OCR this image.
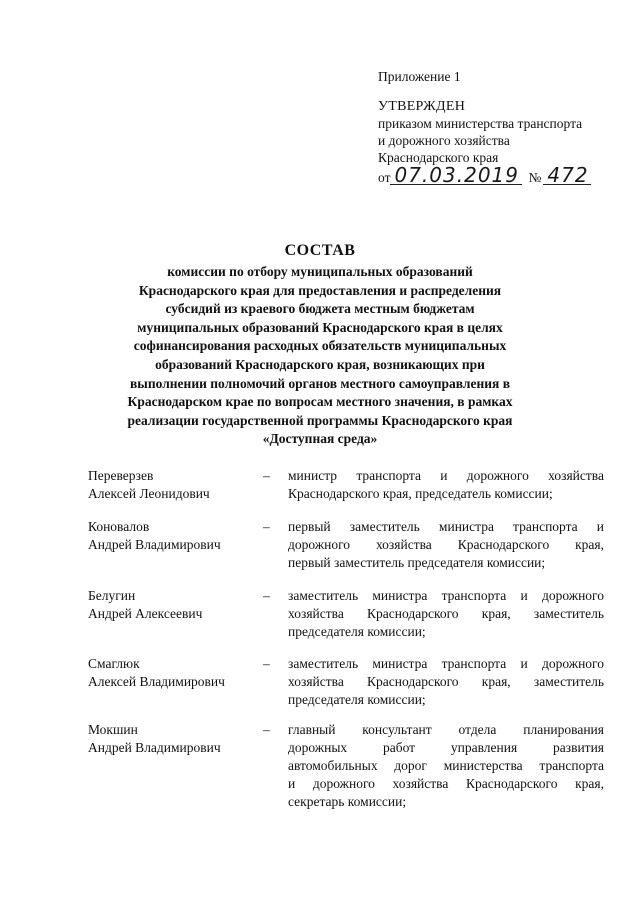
Приложение 1
УТВЕРЖДЕН
приказом министерства транспорта
и дорожного хозяйства
Краснодарского края
от 07.03.2019 № 472
СОСТАВ
комиссии по отбору муниципальных образований
Краснодарского края для предоставления и распределения
субсидий из краевого бюджета местным бюджетам
муниципальных образований Краснодарского края в целях
софинансирования расходных обязательств муниципальных
образований Краснодарского края, возникающих при
выполнении полномочий органов местного самоуправления в
Краснодарском крае по вопросам местного значения, в рамках
реализации государственной программы Краснодарского края
«Доступная среда»
Переверзев
Алексей Леонидович
–	министр транспорта и дорожного хозяйства
Краснодарского края, председатель комиссии;
Коновалов
Андрей Владимирович
–	первый заместитель министра транспорта и
дорожного хозяйства Краснодарского края,
первый заместитель председателя комиссии;
Белугин
Андрей Алексеевич
–	заместитель министра транспорта и дорожного
хозяйства Краснодарского края, заместитель
председателя комиссии;
Смаглюк
Алексей Владимирович
–	заместитель министра транспорта и дорожного
хозяйства Краснодарского края, заместитель
председателя комиссии;
Мокшин
Андрей Владимирович
–	главный консультант отдела планирования
дорожных работ управления развития
автомобильных дорог министерства транспорта
и дорожного хозяйства Краснодарского края,
секретарь комиссии;
